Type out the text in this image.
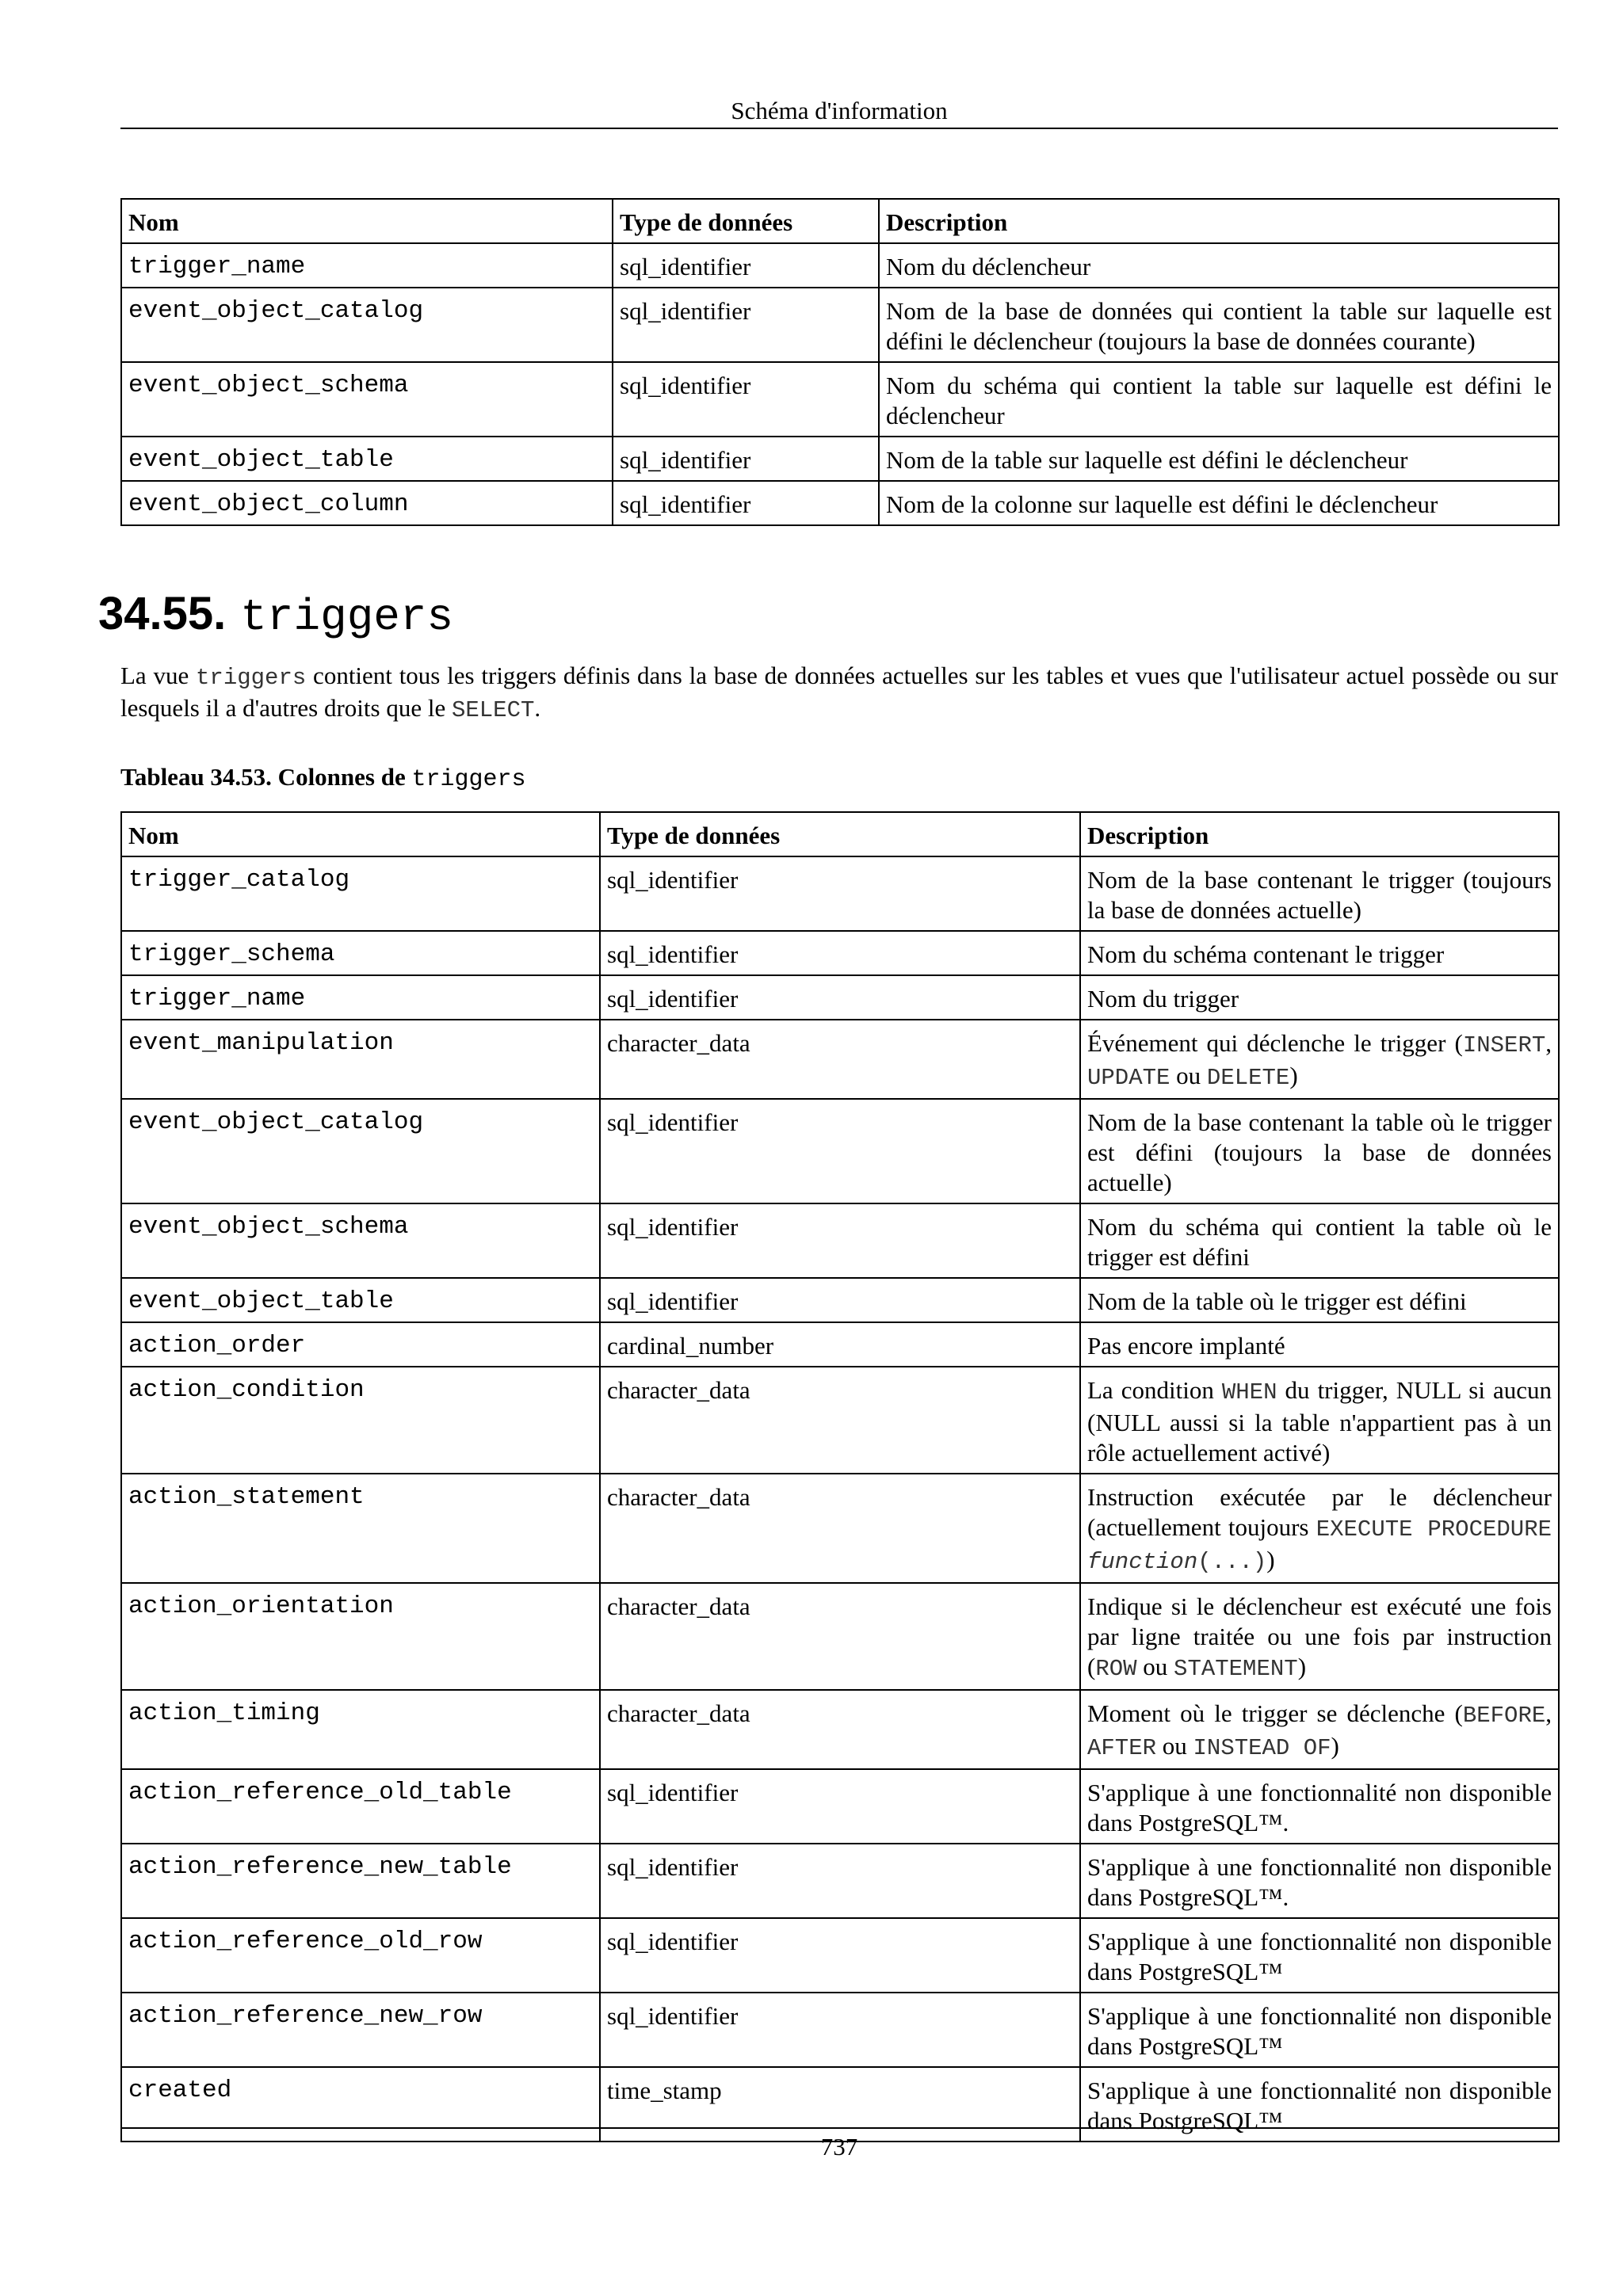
Schéma d'information
Nom	Type de données	Description
trigger_name	sql_identifier	Nom du déclencheur
event_object_catalog	sql_identifier	Nom de la base de données qui contient la table sur laquelle est défini le déclencheur (toujours la base de données courante)
event_object_schema	sql_identifier	Nom du schéma qui contient la table sur laquelle est défini le déclencheur
event_object_table	sql_identifier	Nom de la table sur laquelle est défini le déclencheur
event_object_column	sql_identifier	Nom de la colonne sur laquelle est défini le déclencheur
34.55. triggers
La vue triggers contient tous les triggers définis dans la base de données actuelles sur les tables et vues que l'utilisateur actuel possède ou sur lesquels il a d'autres droits que le SELECT.
Tableau 34.53. Colonnes de triggers
Nom	Type de données	Description
trigger_catalog	sql_identifier	Nom de la base contenant le trigger (toujours la base de données actuelle)
trigger_schema	sql_identifier	Nom du schéma contenant le trigger
trigger_name	sql_identifier	Nom du trigger
event_manipulation	character_data	Événement qui déclenche le trigger (INSERT, UPDATE ou DELETE)
event_object_catalog	sql_identifier	Nom de la base contenant la table où le trigger est défini (toujours la base de données actuelle)
event_object_schema	sql_identifier	Nom du schéma qui contient la table où le trigger est défini
event_object_table	sql_identifier	Nom de la table où le trigger est défini
action_order	cardinal_number	Pas encore implanté
action_condition	character_data	La condition WHEN du trigger, NULL si aucun (NULL aussi si la table n'appartient pas à un rôle actuellement activé)
action_statement	character_data	Instruction exécutée par le déclencheur (actuellement toujours EXECUTE PROCEDURE function(...))
action_orientation	character_data	Indique si le déclencheur est exécuté une fois par ligne traitée ou une fois par instruction (ROW ou STATEMENT)
action_timing	character_data	Moment où le trigger se déclenche (BEFORE, AFTER ou INSTEAD OF)
action_reference_old_table	sql_identifier	S'applique à une fonctionnalité non disponible dans PostgreSQL™.
action_reference_new_table	sql_identifier	S'applique à une fonctionnalité non disponible dans PostgreSQL™.
action_reference_old_row	sql_identifier	S'applique à une fonctionnalité non disponible dans PostgreSQL™
action_reference_new_row	sql_identifier	S'applique à une fonctionnalité non disponible dans PostgreSQL™
created	time_stamp	S'applique à une fonctionnalité non disponible dans PostgreSQL™
737
